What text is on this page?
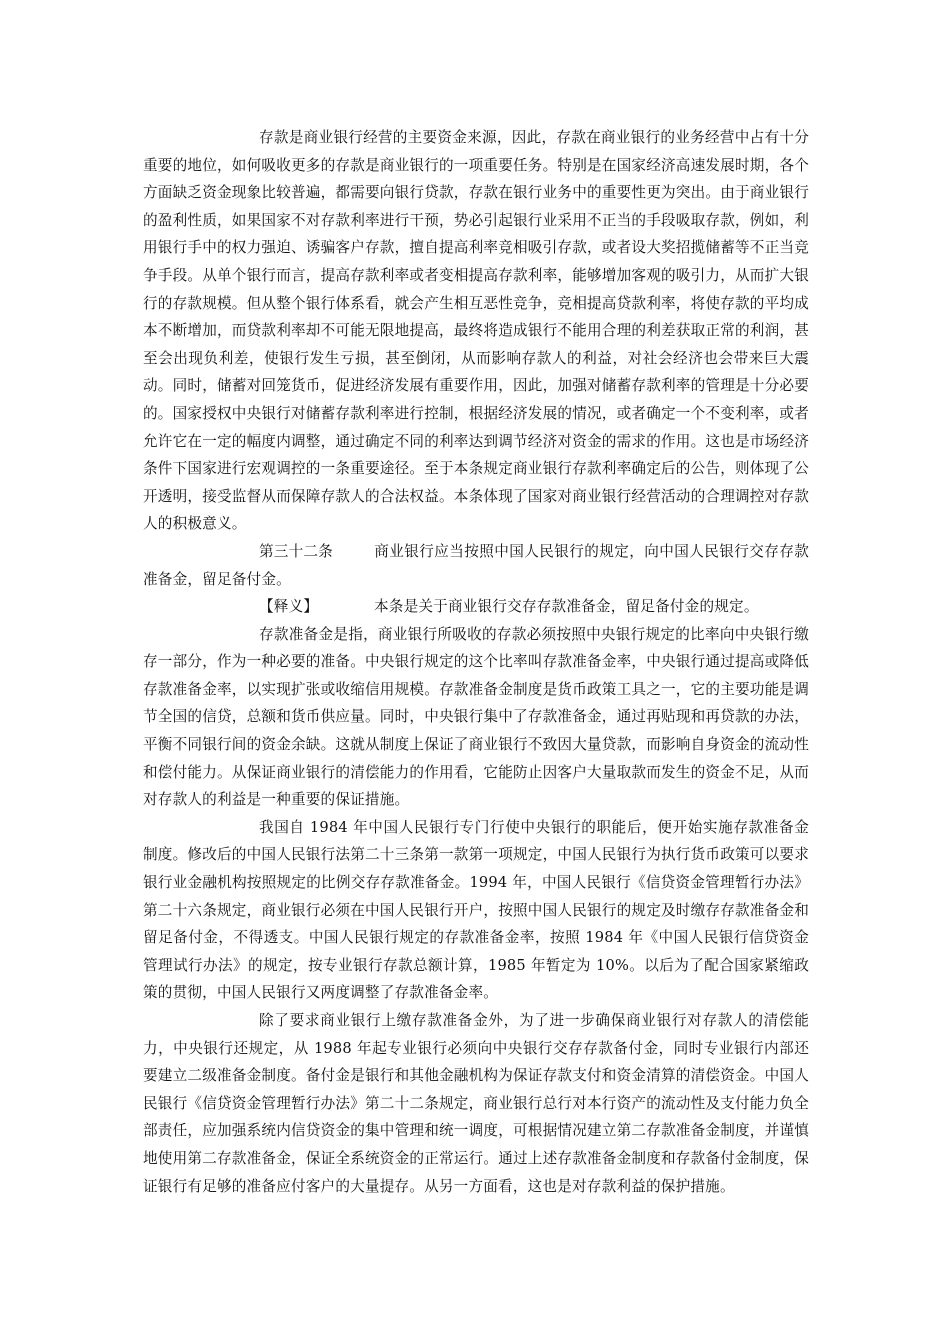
存款是商业银行经营的主要资金来源，因此，存款在商业银行的业务经营中占有十分重要的地位，如何吸收更多的存款是商业银行的一项重要任务。特别是在国家经济高速发展时期，各个方面缺乏资金现象比较普遍，都需要向银行贷款，存款在银行业务中的重要性更为突出。由于商业银行的盈利性质，如果国家不对存款利率进行干预，势必引起银行业采用不正当的手段吸取存款，例如，利用银行手中的权力强迫、诱骗客户存款，擅自提高利率竞相吸引存款，或者设大奖招揽储蓄等不正当竞争手段。从单个银行而言，提高存款利率或者变相提高存款利率，能够增加客观的吸引力，从而扩大银行的存款规模。但从整个银行体系看，就会产生相互恶性竞争，竞相提高贷款利率，将使存款的平均成本不断增加，而贷款利率却不可能无限地提高，最终将造成银行不能用合理的利差获取正常的利润，甚至会出现负利差，使银行发生亏损，甚至倒闭，从而影响存款人的利益，对社会经济也会带来巨大震动。同时，储蓄对回笼货币，促进经济发展有重要作用，因此，加强对储蓄存款利率的管理是十分必要的。国家授权中央银行对储蓄存款利率进行控制，根据经济发展的情况，或者确定一个不变利率，或者允许它在一定的幅度内调整，通过确定不同的利率达到调节经济对资金的需求的作用。这也是市场经济条件下国家进行宏观调控的一条重要途径。至于本条规定商业银行存款利率确定后的公告，则体现了公开透明，接受监督从而保障存款人的合法权益。本条体现了国家对商业银行经营活动的合理调控对存款人的积极意义。

第三十二条	商业银行应当按照中国人民银行的规定，向中国人民银行交存存款准备金，留足备付金。

【释义】	本条是关于商业银行交存存款准备金，留足备付金的规定。

存款准备金是指，商业银行所吸收的存款必须按照中央银行规定的比率向中央银行缴存一部分，作为一种必要的准备。中央银行规定的这个比率叫存款准备金率，中央银行通过提高或降低存款准备金率，以实现扩张或收缩信用规模。存款准备金制度是货币政策工具之一，它的主要功能是调节全国的信贷，总额和货币供应量。同时，中央银行集中了存款准备金，通过再贴现和再贷款的办法，平衡不同银行间的资金余缺。这就从制度上保证了商业银行不致因大量贷款，而影响自身资金的流动性和偿付能力。从保证商业银行的清偿能力的作用看，它能防止因客户大量取款而发生的资金不足，从而对存款人的利益是一种重要的保证措施。

我国自 1984 年中国人民银行专门行使中央银行的职能后，便开始实施存款准备金制度。修改后的中国人民银行法第二十三条第一款第一项规定，中国人民银行为执行货币政策可以要求银行业金融机构按照规定的比例交存存款准备金。1994 年，中国人民银行《信贷资金管理暂行办法》第二十六条规定，商业银行必须在中国人民银行开户，按照中国人民银行的规定及时缴存存款准备金和留足备付金，不得透支。中国人民银行规定的存款准备金率，按照 1984 年《中国人民银行信贷资金管理试行办法》的规定，按专业银行存款总额计算，1985 年暂定为 10%。以后为了配合国家紧缩政策的贯彻，中国人民银行又两度调整了存款准备金率。

除了要求商业银行上缴存款准备金外，为了进一步确保商业银行对存款人的清偿能力，中央银行还规定，从 1988 年起专业银行必须向中央银行交存存款备付金，同时专业银行内部还要建立二级准备金制度。备付金是银行和其他金融机构为保证存款支付和资金清算的清偿资金。中国人民银行《信贷资金管理暂行办法》第二十二条规定，商业银行总行对本行资产的流动性及支付能力负全部责任，应加强系统内信贷资金的集中管理和统一调度，可根据情况建立第二存款准备金制度，并谨慎地使用第二存款准备金，保证全系统资金的正常运行。通过上述存款准备金制度和存款备付金制度，保证银行有足够的准备应付客户的大量提存。从另一方面看，这也是对存款利益的保护措施。
